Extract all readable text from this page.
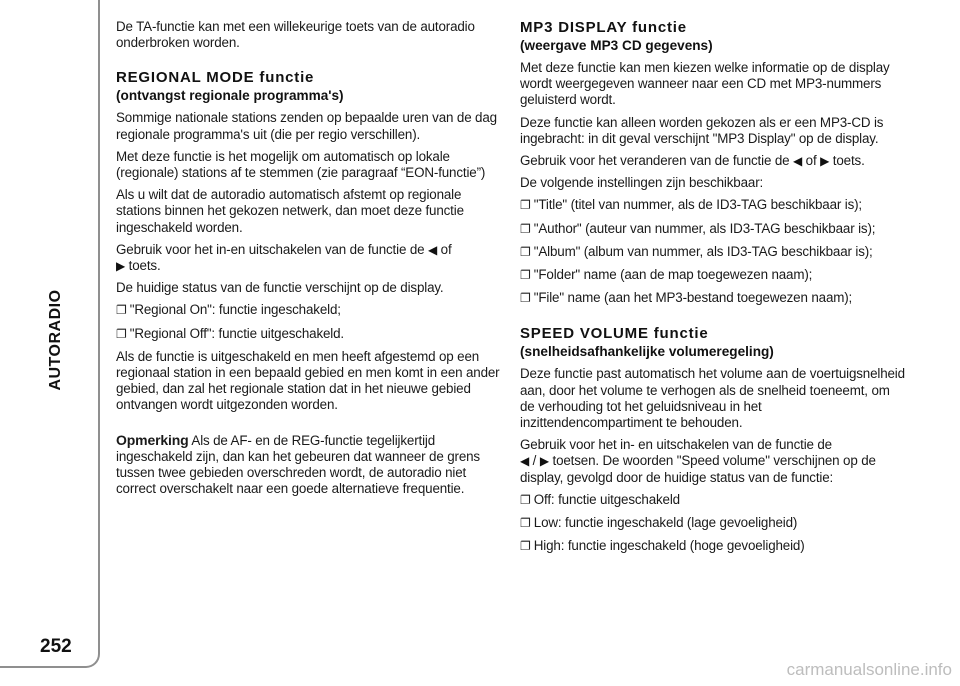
AUTORADIO
252

De TA-functie kan met een willekeurige toets van de autoradio onderbroken worden.

REGIONAL MODE functie
(ontvangst regionale programma's)

Sommige nationale stations zenden op bepaalde uren van de dag regionale programma's uit (die per regio verschillen).

Met deze functie is het mogelijk om automatisch op lokale (regionale) stations af te stemmen (zie paragraaf “EON-functie”)

Als u wilt dat de autoradio automatisch afstemt op regionale stations binnen het gekozen netwerk, dan moet deze functie ingeschakeld worden.

Gebruik voor het in-en uitschakelen van de functie de ◀ of
▶ toets.

De huidige status van de functie verschijnt op de display.

❐ "Regional On": functie ingeschakeld;

❐ "Regional Off": functie uitgeschakeld.

Als de functie is uitgeschakeld en men heeft afgestemd op een regionaal station in een bepaald gebied en men komt in een ander gebied, dan zal het regionale station dat in het nieuwe gebied ontvangen wordt uitgezonden worden.

Opmerking Als de AF- en de REG-functie tegelijkertijd ingeschakeld zijn, dan kan het gebeuren dat wanneer de grens tussen twee gebieden overschreden wordt, de autoradio niet correct overschakelt naar een goede alternatieve frequentie.

MP3 DISPLAY functie
(weergave MP3 CD gegevens)

Met deze functie kan men kiezen welke informatie op de display wordt weergegeven wanneer naar een CD met MP3-nummers geluisterd wordt.

Deze functie kan alleen worden gekozen als er een MP3-CD is ingebracht: in dit geval verschijnt "MP3 Display" op de display.

Gebruik voor het veranderen van de functie de ◀ of ▶ toets.

De volgende instellingen zijn beschikbaar:

❐ "Title" (titel van nummer, als de ID3-TAG beschikbaar is);

❐ "Author" (auteur van nummer, als ID3-TAG beschikbaar is);

❐ "Album" (album van nummer, als ID3-TAG beschikbaar is);

❐ "Folder" name (aan de map toegewezen naam);

❐ "File" name (aan het MP3-bestand toegewezen naam);

SPEED VOLUME functie
(snelheidsafhankelijke volumeregeling)

Deze functie past automatisch het volume aan de voertuigsnelheid aan, door het volume te verhogen als de snelheid toeneemt, om de verhouding tot het geluidsniveau in het inzittendencompartiment te behouden.

Gebruik voor het in- en uitschakelen van de functie de
◀ / ▶ toetsen. De woorden "Speed volume" verschijnen op de display, gevolgd door de huidige status van de functie:

❐ Off: functie uitgeschakeld

❐ Low: functie ingeschakeld (lage gevoeligheid)

❐ High: functie ingeschakeld (hoge gevoeligheid)

carmanualsonline.info
